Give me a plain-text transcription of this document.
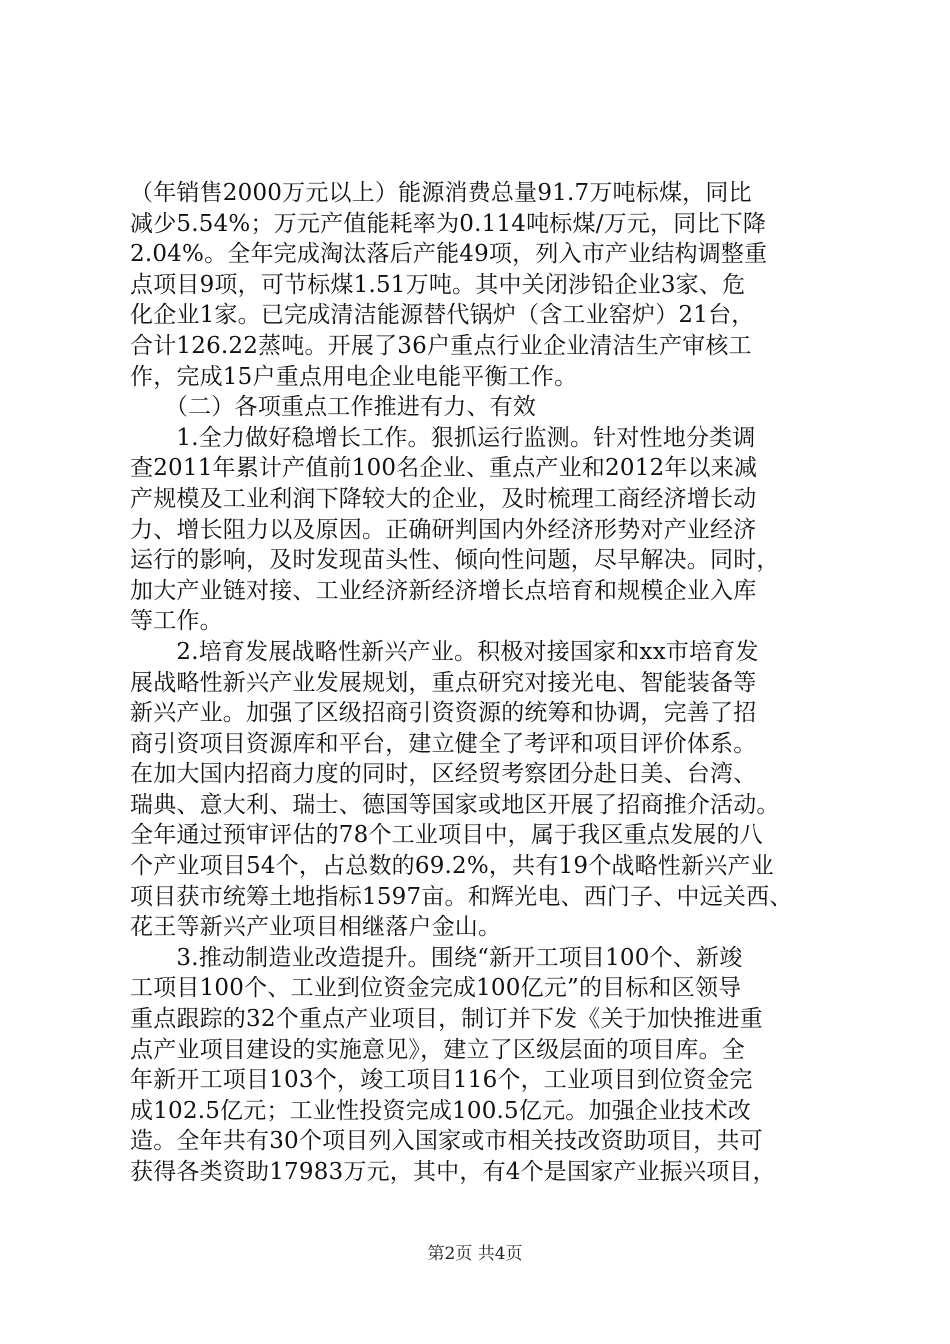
（年销售2000万元以上）能源消费总量91.7万吨标煤，同比
减少5.54%；万元产值能耗率为0.114吨标煤/万元，同比下降
2.04%。全年完成淘汰落后产能49项，列入市产业结构调整重
点项目9项，可节标煤1.51万吨。其中关闭涉铅企业3家、危
化企业1家。已完成清洁能源替代锅炉（含工业窑炉）21台，
合计126.22蒸吨。开展了36户重点行业企业清洁生产审核工
作，完成15户重点用电企业电能平衡工作。
　　（二）各项重点工作推进有力、有效
　　1.全力做好稳增长工作。狠抓运行监测。针对性地分类调
查2011年累计产值前100名企业、重点产业和2012年以来减
产规模及工业利润下降较大的企业，及时梳理工商经济增长动
力、增长阻力以及原因。正确研判国内外经济形势对产业经济
运行的影响，及时发现苗头性、倾向性问题，尽早解决。同时，
加大产业链对接、工业经济新经济增长点培育和规模企业入库
等工作。
　　2.培育发展战略性新兴产业。积极对接国家和xx市培育发
展战略性新兴产业发展规划，重点研究对接光电、智能装备等
新兴产业。加强了区级招商引资资源的统筹和协调，完善了招
商引资项目资源库和平台，建立健全了考评和项目评价体系。
在加大国内招商力度的同时，区经贸考察团分赴日美、台湾、
瑞典、意大利、瑞士、德国等国家或地区开展了招商推介活动。
全年通过预审评估的78个工业项目中，属于我区重点发展的八
个产业项目54个，占总数的69.2%，共有19个战略性新兴产业
项目获市统筹土地指标1597亩。和辉光电、西门子、中远关西、
花王等新兴产业项目相继落户金山。
　　3.推动制造业改造提升。围绕“新开工项目100个、新竣
工项目100个、工业到位资金完成100亿元”的目标和区领导
重点跟踪的32个重点产业项目，制订并下发《关于加快推进重
点产业项目建设的实施意见》，建立了区级层面的项目库。全
年新开工项目103个，竣工项目116个，工业项目到位资金完
成102.5亿元；工业性投资完成100.5亿元。加强企业技术改
造。全年共有30个项目列入国家或市相关技改资助项目，共可
获得各类资助17983万元，其中，有4个是国家产业振兴项目，
第2页 共4页
